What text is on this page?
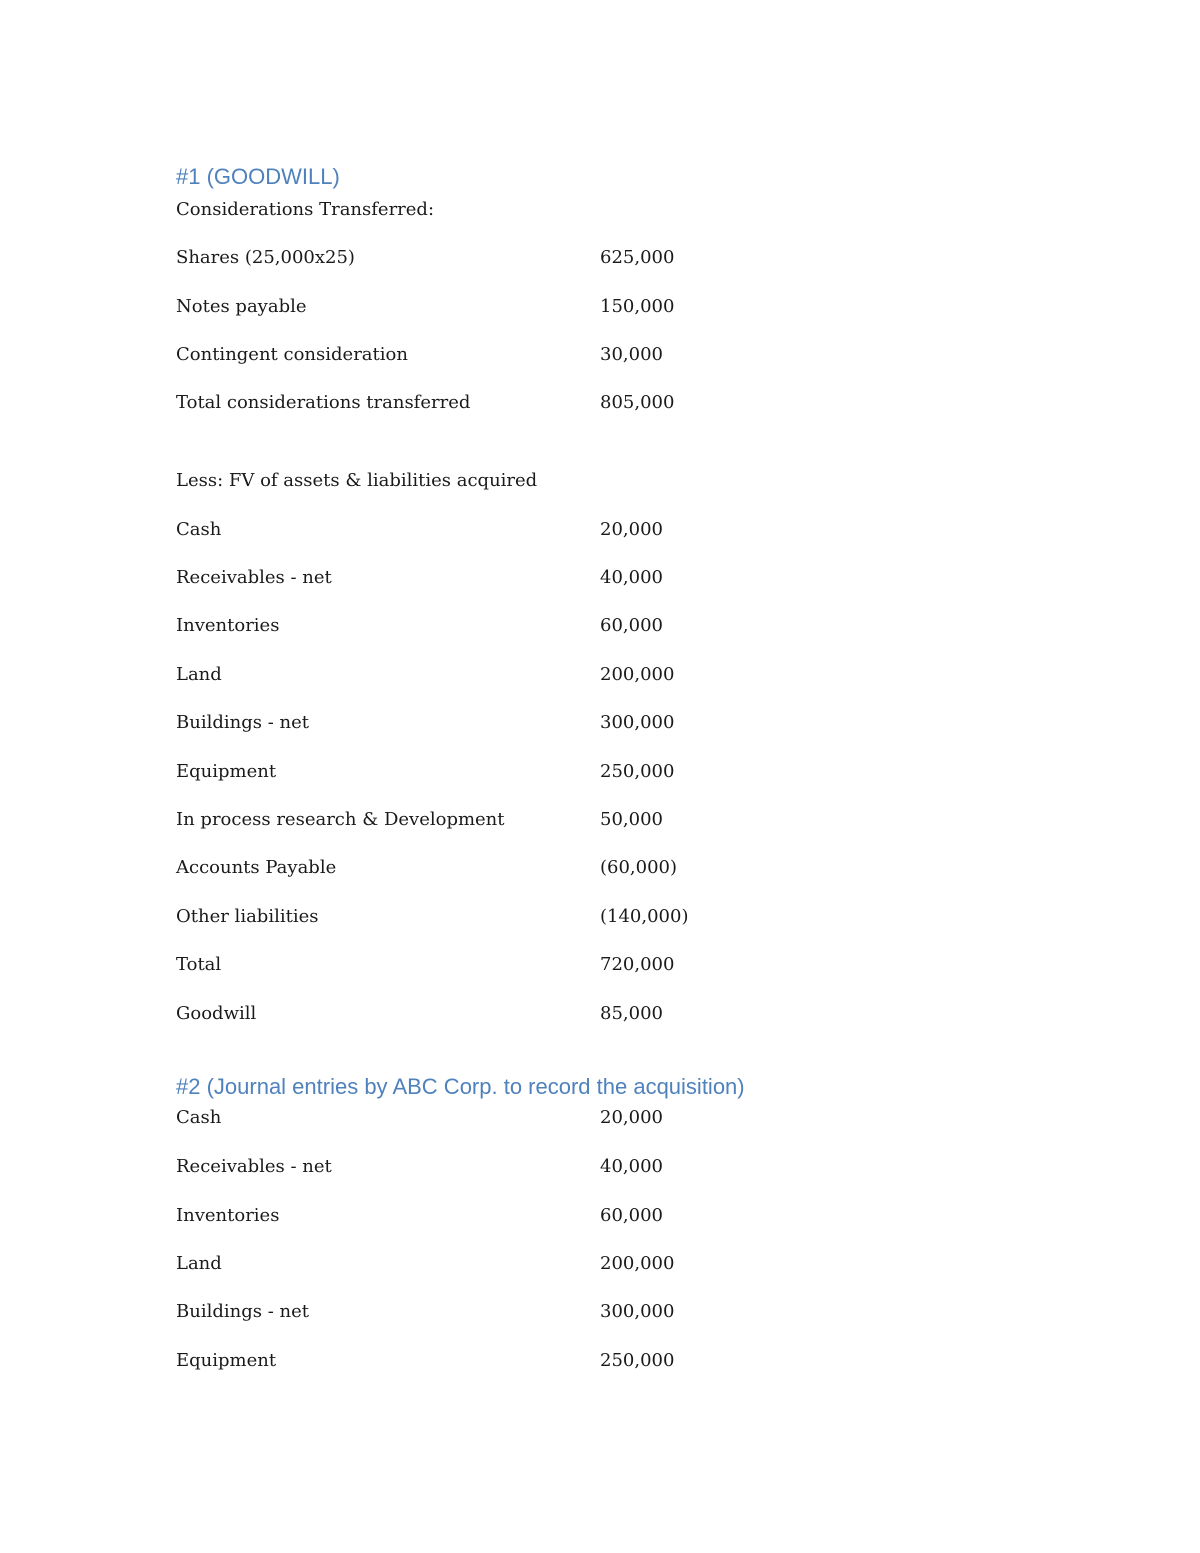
#1 (GOODWILL)
Considerations Transferred:
Shares (25,000x25)	625,000
Notes payable	150,000
Contingent consideration	30,000
Total considerations transferred	805,000
Less: FV of assets & liabilities acquired
Cash	20,000
Receivables - net	40,000
Inventories	60,000
Land	200,000
Buildings - net	300,000
Equipment	250,000
In process research & Development	50,000
Accounts Payable	(60,000)
Other liabilities	(140,000)
Total	720,000
Goodwill	85,000
#2 (Journal entries by ABC Corp. to record the acquisition)
Cash	20,000
Receivables - net	40,000
Inventories	60,000
Land	200,000
Buildings - net	300,000
Equipment	250,000
